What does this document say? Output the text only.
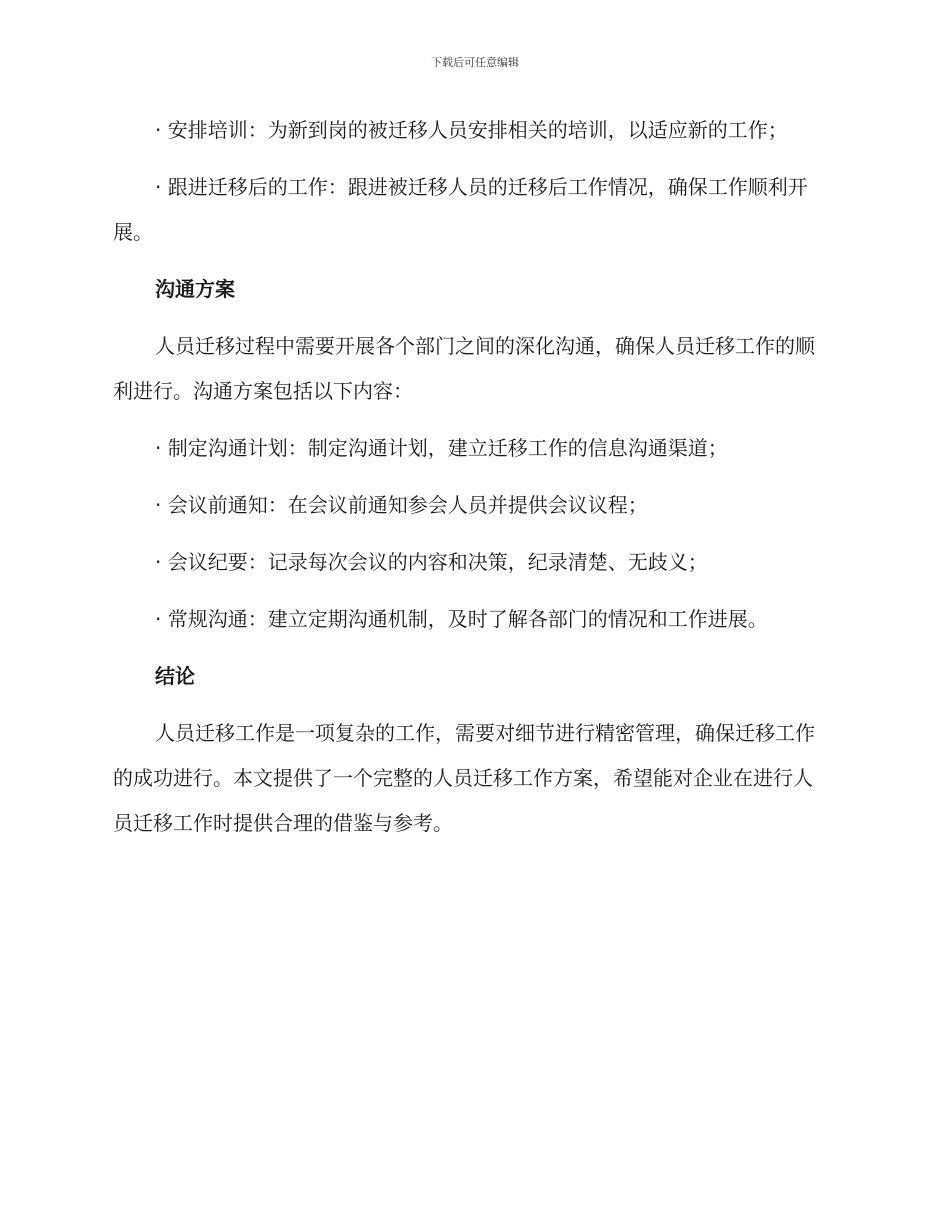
下载后可任意编辑

· 安排培训：为新到岗的被迁移人员安排相关的培训，以适应新的工作；

· 跟进迁移后的工作：跟进被迁移人员的迁移后工作情况，确保工作顺利开展。

沟通方案

人员迁移过程中需要开展各个部门之间的深化沟通，确保人员迁移工作的顺利进行。沟通方案包括以下内容：

· 制定沟通计划：制定沟通计划，建立迁移工作的信息沟通渠道；

· 会议前通知：在会议前通知参会人员并提供会议议程；

· 会议纪要：记录每次会议的内容和决策，纪录清楚、无歧义；

· 常规沟通：建立定期沟通机制，及时了解各部门的情况和工作进展。

结论

人员迁移工作是一项复杂的工作，需要对细节进行精密管理，确保迁移工作的成功进行。本文提供了一个完整的人员迁移工作方案，希望能对企业在进行人员迁移工作时提供合理的借鉴与参考。
